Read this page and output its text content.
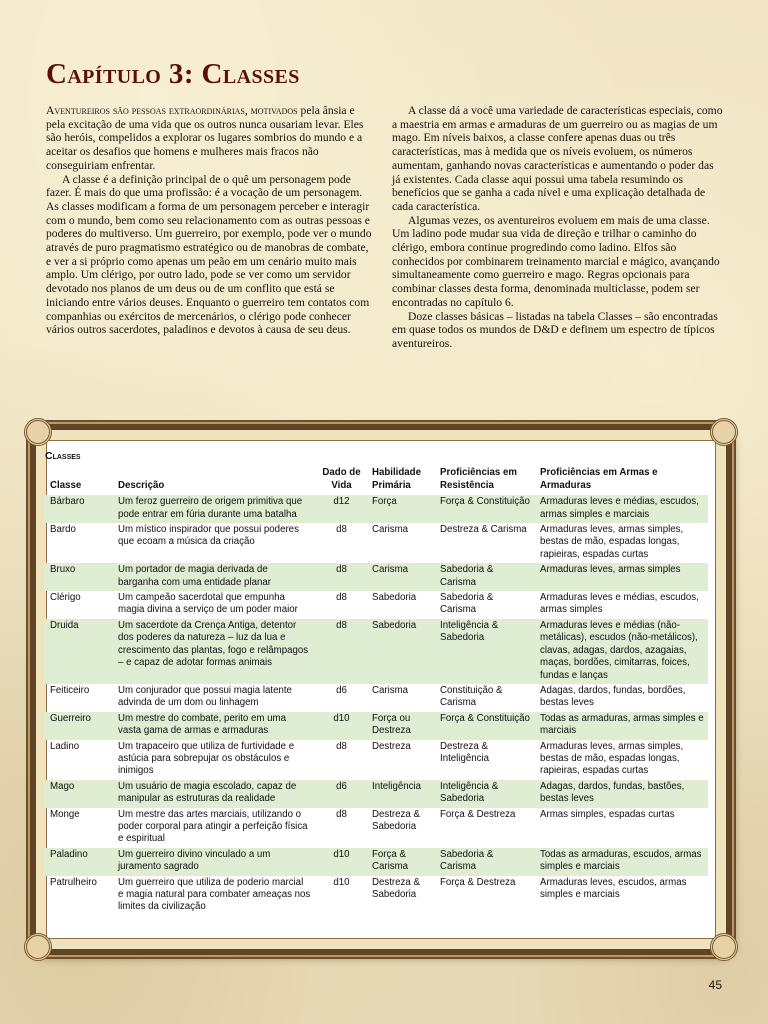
Capítulo 3: Classes

Aventureiros são pessoas extraordinárias, motivados pela ânsia e pela excitação de uma vida que os outros nunca ousariam levar. Eles são heróis, compelidos a explorar os lugares sombrios do mundo e a aceitar os desafios que homens e mulheres mais fracos não conseguiriam enfrentar.

A classe é a definição principal de o quê um personagem pode fazer. É mais do que uma profissão: é a vocação de um personagem. As classes modificam a forma de um personagem perceber e interagir com o mundo, bem como seu relacionamento com as outras pessoas e poderes do multiverso. Um guerreiro, por exemplo, pode ver o mundo através de puro pragmatismo estratégico ou de manobras de combate, e ver a si próprio como apenas um peão em um cenário muito mais amplo. Um clérigo, por outro lado, pode se ver como um servidor devotado nos planos de um deus ou de um conflito que está se iniciando entre vários deuses. Enquanto o guerreiro tem contatos com companhias ou exércitos de mercenários, o clérigo pode conhecer vários outros sacerdotes, paladinos e devotos à causa de seu deus.

A classe dá a você uma variedade de características especiais, como a maestria em armas e armaduras de um guerreiro ou as magias de um mago. Em níveis baixos, a classe confere apenas duas ou três características, mas à medida que os níveis evoluem, os números aumentam, ganhando novas características e aumentando o poder das já existentes. Cada classe aqui possui uma tabela resumindo os benefícios que se ganha a cada nível e uma explicação detalhada de cada característica.

Algumas vezes, os aventureiros evoluem em mais de uma classe. Um ladino pode mudar sua vida de direção e trilhar o caminho do clérigo, embora continue progredindo como ladino. Elfos são conhecidos por combinarem treinamento marcial e mágico, avançando simultaneamente como guerreiro e mago. Regras opcionais para combinar classes desta forma, denominada multiclasse, podem ser encontradas no capítulo 6.

Doze classes básicas – listadas na tabela Classes – são encontradas em quase todos os mundos de D&D e definem um espectro de típicos aventureiros.

Classes
Classe	Descrição	Dado de Vida	Habilidade Primária	Proficiências em Resistência	Proficiências em Armas e Armaduras
Bárbaro	Um feroz guerreiro de origem primitiva que pode entrar em fúria durante uma batalha	d12	Força	Força & Constituição	Armaduras leves e médias, escudos, armas simples e marciais
Bardo	Um místico inspirador que possui poderes que ecoam a música da criação	d8	Carisma	Destreza & Carisma	Armaduras leves, armas simples, bestas de mão, espadas longas, rapieiras, espadas curtas
Bruxo	Um portador de magia derivada de barganha com uma entidade planar	d8	Carisma	Sabedoria & Carisma	Armaduras leves, armas simples
Clérigo	Um campeão sacerdotal que empunha magia divina a serviço de um poder maior	d8	Sabedoria	Sabedoria & Carisma	Armaduras leves e médias, escudos, armas simples
Druida	Um sacerdote da Crença Antiga, detentor dos poderes da natureza – luz da lua e crescimento das plantas, fogo e relâmpagos – e capaz de adotar formas animais	d8	Sabedoria	Inteligência & Sabedoria	Armaduras leves e médias (não-metálicas), escudos (não-metálicos), clavas, adagas, dardos, azagaias, maças, bordões, cimitarras, foices, fundas e lanças
Feiticeiro	Um conjurador que possui magia latente advinda de um dom ou linhagem	d6	Carisma	Constituição & Carisma	Adagas, dardos, fundas, bordões, bestas leves
Guerreiro	Um mestre do combate, perito em uma vasta gama de armas e armaduras	d10	Força ou Destreza	Força & Constituição	Todas as armaduras, armas simples e marciais
Ladino	Um trapaceiro que utiliza de furtividade e astúcia para sobrepujar os obstáculos e inimigos	d8	Destreza	Destreza & Inteligência	Armaduras leves, armas simples, bestas de mão, espadas longas, rapieiras, espadas curtas
Mago	Um usuário de magia escolado, capaz de manipular as estruturas da realidade	d6	Inteligência	Inteligência & Sabedoria	Adagas, dardos, fundas, bastões, bestas leves
Monge	Um mestre das artes marciais, utilizando o poder corporal para atingir a perfeição física e espiritual	d8	Destreza & Sabedoria	Força & Destreza	Armas simples, espadas curtas
Paladino	Um guerreiro divino vinculado a um juramento sagrado	d10	Força & Carisma	Sabedoria & Carisma	Todas as armaduras, escudos, armas simples e marciais
Patrulheiro	Um guerreiro que utiliza de poderio marcial e magia natural para combater ameaças nos limites da civilização	d10	Destreza & Sabedoria	Força & Destreza	Armaduras leves, escudos, armas simples e marciais
45
